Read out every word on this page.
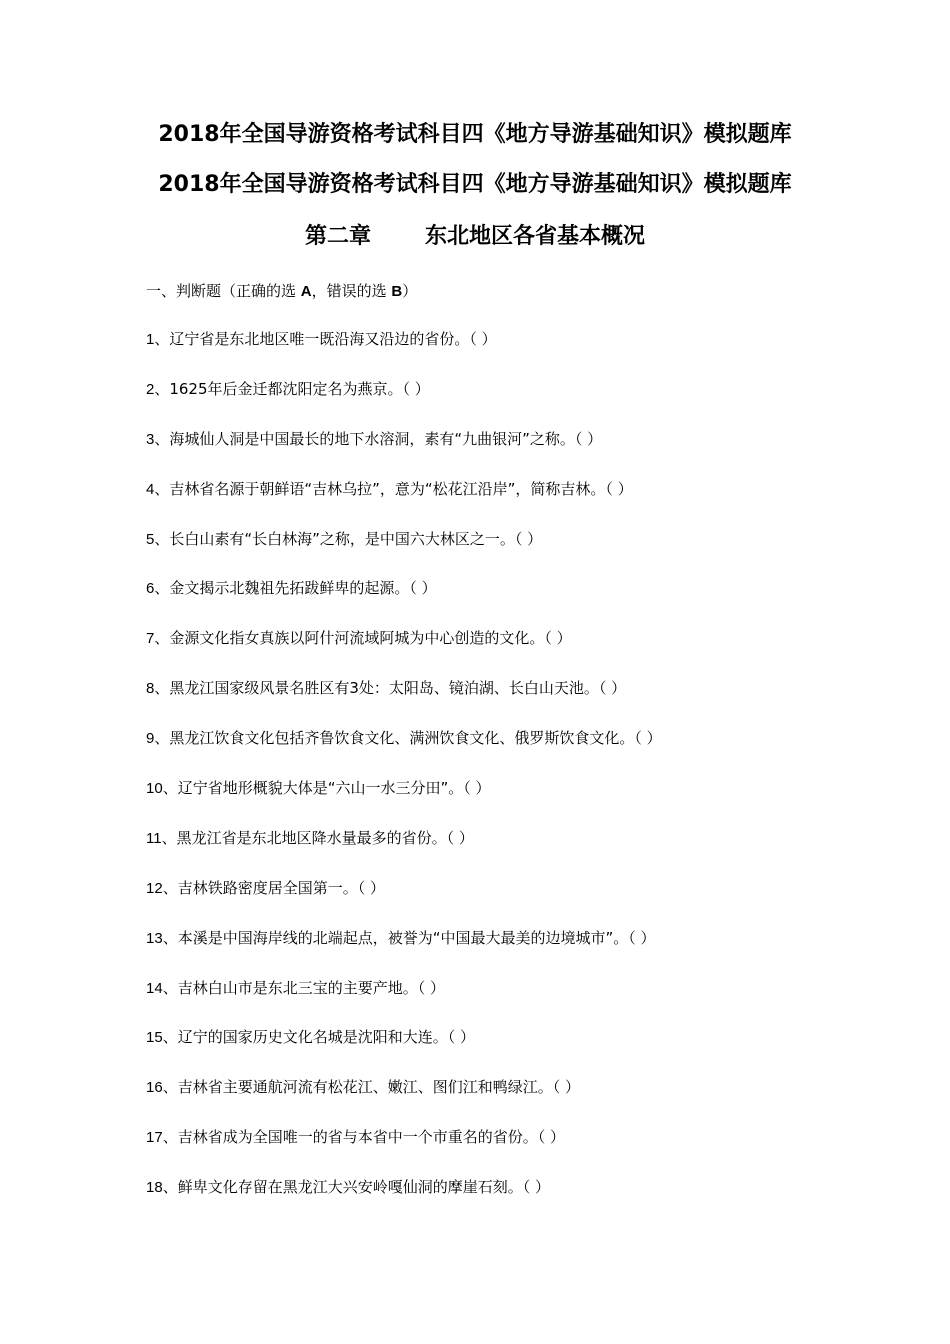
2018年全国导游资格考试科目四《地方导游基础知识》模拟题库
2018年全国导游资格考试科目四《地方导游基础知识》模拟题库
第二章 东北地区各省基本概况
一、判断题（正确的选 A，错误的选 B）
1、辽宁省是东北地区唯一既沿海又沿边的省份。（ ）
2、1625年后金迁都沈阳定名为燕京。（ ）
3、海城仙人洞是中国最长的地下水溶洞，素有“九曲银河”之称。（ ）
4、吉林省名源于朝鲜语“吉林乌拉”，意为“松花江沿岸”，简称吉林。（ ）
5、长白山素有“长白林海”之称，是中国六大林区之一。（ ）
6、金文揭示北魏祖先拓跋鲜卑的起源。（ ）
7、金源文化指女真族以阿什河流域阿城为中心创造的文化。（ ）
8、黑龙江国家级风景名胜区有3处：太阳岛、镜泊湖、长白山天池。（ ）
9、黑龙江饮食文化包括齐鲁饮食文化、满洲饮食文化、俄罗斯饮食文化。（ ）
10、辽宁省地形概貌大体是“六山一水三分田”。（ ）
11、黑龙江省是东北地区降水量最多的省份。（ ）
12、吉林铁路密度居全国第一。（ ）
13、本溪是中国海岸线的北端起点，被誉为“中国最大最美的边境城市”。（ ）
14、吉林白山市是东北三宝的主要产地。（ ）
15、辽宁的国家历史文化名城是沈阳和大连。（ ）
16、吉林省主要通航河流有松花江、嫩江、图们江和鸭绿江。（ ）
17、吉林省成为全国唯一的省与本省中一个市重名的省份。（ ）
18、鲜卑文化存留在黑龙江大兴安岭嘎仙洞的摩崖石刻。（ ）
